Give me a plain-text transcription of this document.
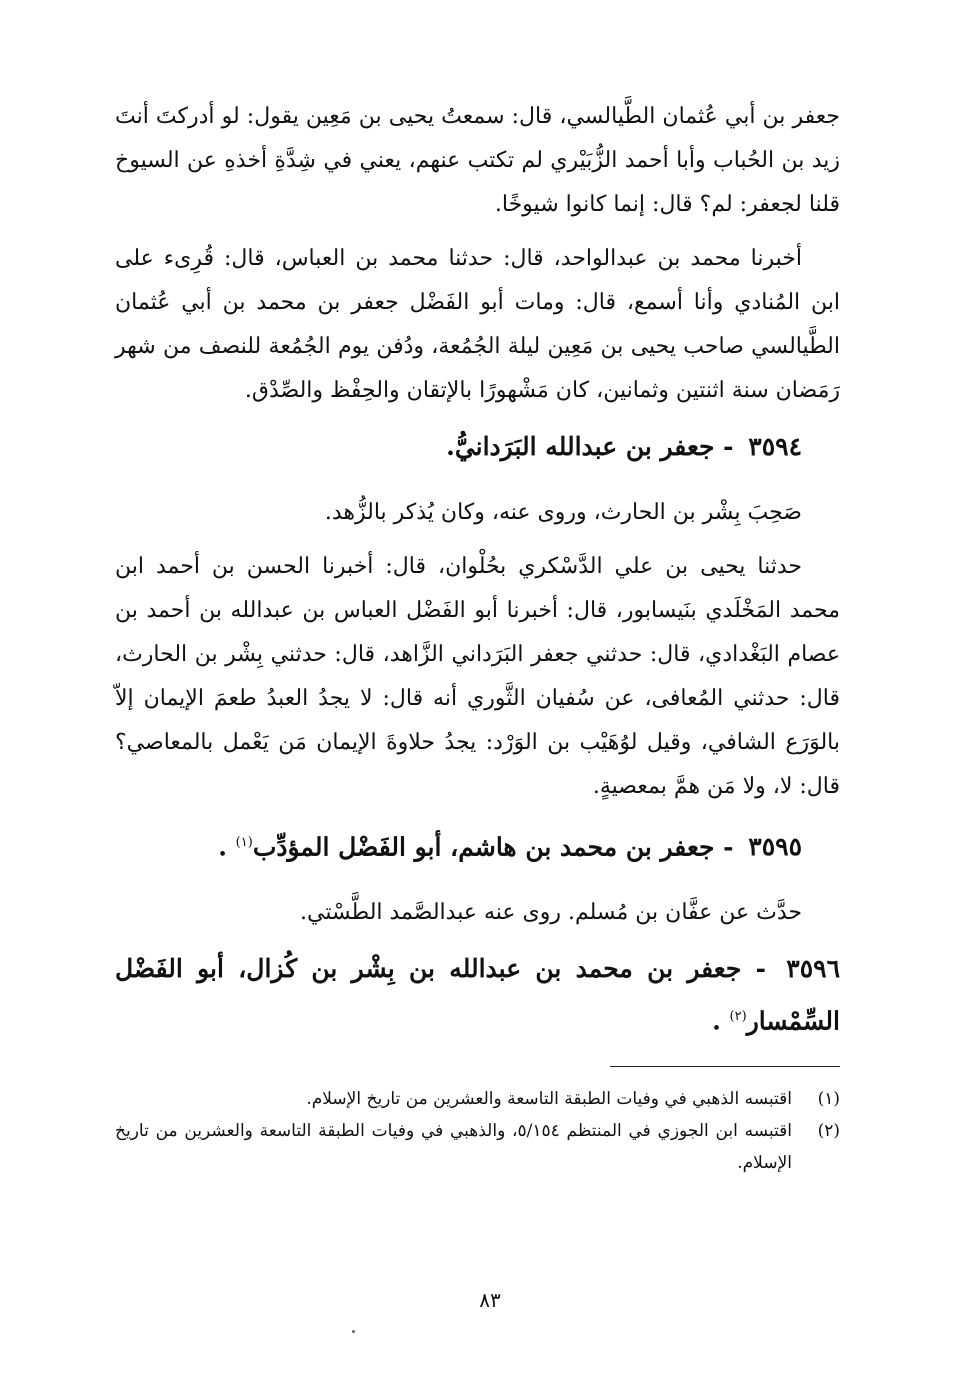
جعفر بن أبي عُثمان الطَّيالسي، قال: سمعتُ يحيى بن مَعِين يقول: لو أدركتَ أنتَ زيد بن الحُباب وأبا أحمد الزُّبَيْري لم تكتب عنهم، يعني في شِدَّةِ أخذهِ عن السيوخ قلنا لجعفر: لم؟ قال: إنما كانوا شيوخًا.

أخبرنا محمد بن عبدالواحد، قال: حدثنا محمد بن العباس، قال: قُرِىء على ابن المُنادي وأنا أسمع، قال: ومات أبو الفَضْل جعفر بن محمد بن أبي عُثمان الطَّيالسي صاحب يحيى بن مَعِين ليلة الجُمُعة، ودُفن يوم الجُمُعة للنصف من شهر رَمَضان سنة اثنتين وثمانين، كان مَشْهورًا بالإتقان والحِفْظ والصِّدْق.

٣٥٩٤ - جعفر بن عبدالله البَرَدانيُّ.

صَحِبَ بِشْر بن الحارث، وروى عنه، وكان يُذكر بالزُّهد.

حدثنا يحيى بن علي الدَّسْكري بحُلْوان، قال: أخبرنا الحسن بن أحمد ابن محمد المَخْلَدي بنَيسابور، قال: أخبرنا أبو الفَضْل العباس بن عبدالله بن أحمد بن عصام البَغْدادي، قال: حدثني جعفر البَرَداني الزَّاهد، قال: حدثني بِشْر بن الحارث، قال: حدثني المُعافى، عن سُفيان الثَّوري أنه قال: لا يجدُ العبدُ طعمَ الإيمان إلاّ بالوَرَع الشافي، وقيل لوُهَيْب بن الوَرْد: يجدُ حلاوةَ الإيمان مَن يَعْمل بالمعاصي؟ قال: لا، ولا مَن همَّ بمعصيةٍ.

٣٥٩٥ - جعفر بن محمد بن هاشم، أبو الفَضْل المؤدِّب$^{(١)}$ .

حدَّث عن عفَّان بن مُسلم. روى عنه عبدالصَّمد الطَّسْتي.

٣٥٩٦ - جعفر بن محمد بن عبدالله بن بِشْر بن كُزال، أبو الفَضْل السِّمْسار$^{(٢)}$ .
(١)
اقتبسه الذهبي في وفيات الطبقة التاسعة والعشرين من تاريخ الإسلام.
(٢)
اقتبسه ابن الجوزي في المنتظم ٥/١٥٤، والذهبي في وفيات الطبقة التاسعة والعشرين من تاريخ الإسلام.
٨٣
